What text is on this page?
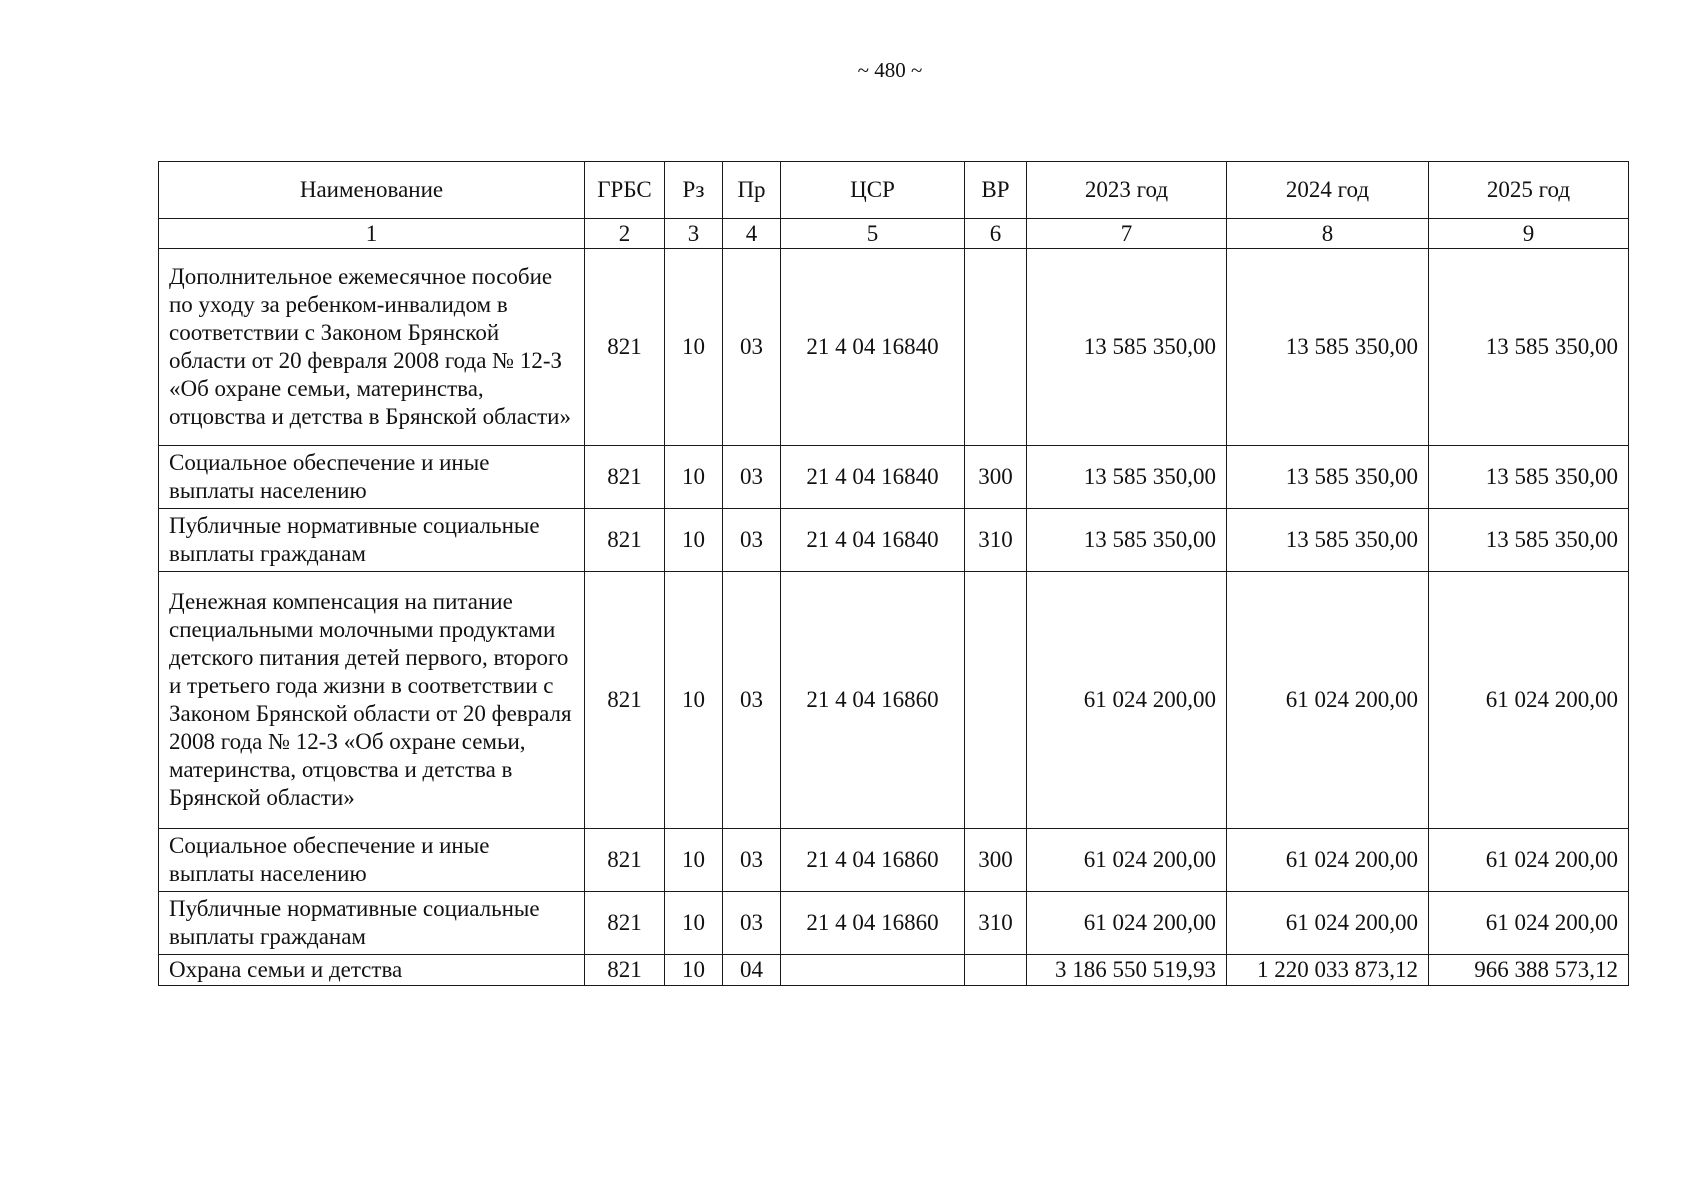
~ 480 ~
Наименование	ГРБС	Рз	Пр	ЦСР	ВР	2023 год	2024 год	2025 год
1	2	3	4	5	6	7	8	9
Дополнительное ежемесячное пособие по уходу за ребенком-инвалидом в соответствии с Законом Брянской области от 20 февраля 2008 года № 12-З «Об охране семьи, материнства, отцовства и детства в Брянской области»	821	10	03	21 4 04 16840		13 585 350,00	13 585 350,00	13 585 350,00
Социальное обеспечение и иные выплаты населению	821	10	03	21 4 04 16840	300	13 585 350,00	13 585 350,00	13 585 350,00
Публичные нормативные социальные выплаты гражданам	821	10	03	21 4 04 16840	310	13 585 350,00	13 585 350,00	13 585 350,00
Денежная компенсация на питание специальными молочными продуктами детского питания детей первого, второго и третьего года жизни в соответствии с Законом Брянской области от 20 февраля 2008 года № 12-З «Об охране семьи, материнства, отцовства и детства в Брянской области»	821	10	03	21 4 04 16860		61 024 200,00	61 024 200,00	61 024 200,00
Социальное обеспечение и иные выплаты населению	821	10	03	21 4 04 16860	300	61 024 200,00	61 024 200,00	61 024 200,00
Публичные нормативные социальные выплаты гражданам	821	10	03	21 4 04 16860	310	61 024 200,00	61 024 200,00	61 024 200,00
Охрана семьи и детства	821	10	04			3 186 550 519,93	1 220 033 873,12	966 388 573,12
